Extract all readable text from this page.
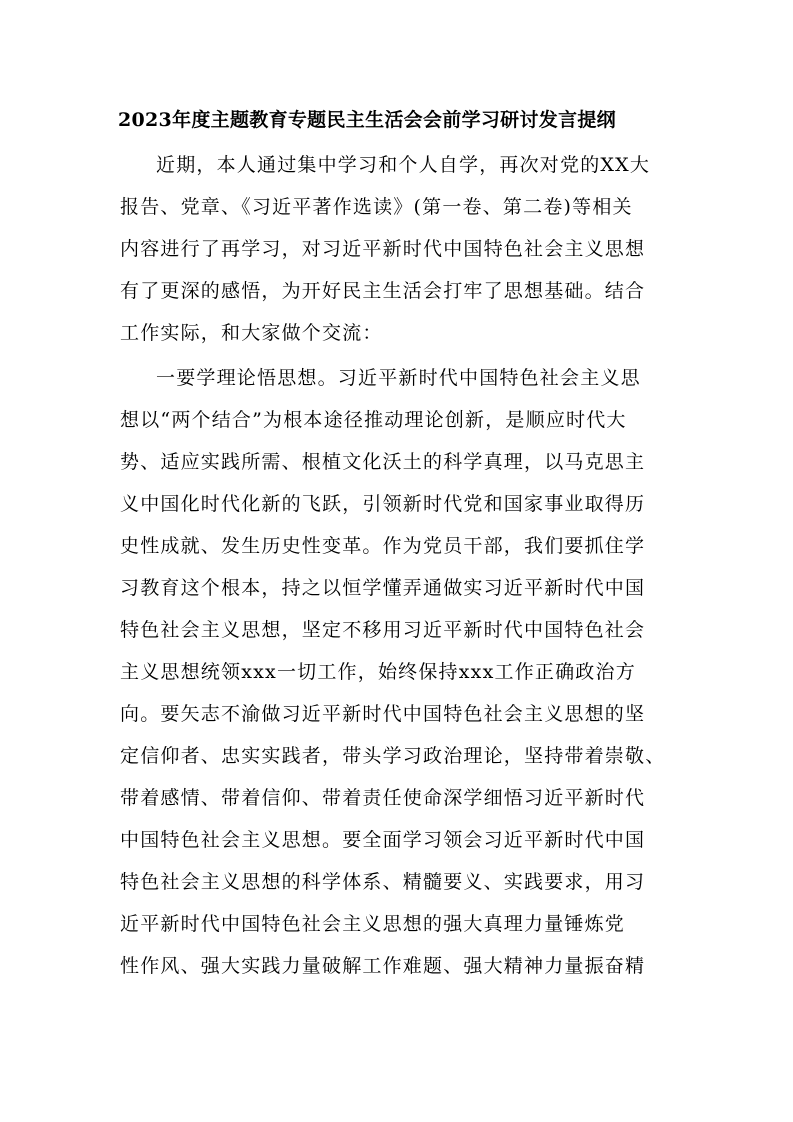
2023年度主题教育专题民主生活会会前学习研讨发言提纲
近期，本人通过集中学习和个人自学，再次对党的XX大
报告、党章、《习近平著作选读》(第一卷、第二卷)等相关
内容进行了再学习，对习近平新时代中国特色社会主义思想
有了更深的感悟，为开好民主生活会打牢了思想基础。结合
工作实际，和大家做个交流：
一要学理论悟思想。习近平新时代中国特色社会主义思
想以“两个结合”为根本途径推动理论创新，是顺应时代大
势、适应实践所需、根植文化沃土的科学真理，以马克思主
义中国化时代化新的飞跃，引领新时代党和国家事业取得历
史性成就、发生历史性变革。作为党员干部，我们要抓住学
习教育这个根本，持之以恒学懂弄通做实习近平新时代中国
特色社会主义思想，坚定不移用习近平新时代中国特色社会
主义思想统领xxx一切工作，始终保持xxx工作正确政治方
向。要矢志不渝做习近平新时代中国特色社会主义思想的坚
定信仰者、忠实实践者，带头学习政治理论，坚持带着崇敬、
带着感情、带着信仰、带着责任使命深学细悟习近平新时代
中国特色社会主义思想。要全面学习领会习近平新时代中国
特色社会主义思想的科学体系、精髓要义、实践要求，用习
近平新时代中国特色社会主义思想的强大真理力量锤炼党
性作风、强大实践力量破解工作难题、强大精神力量振奋精
